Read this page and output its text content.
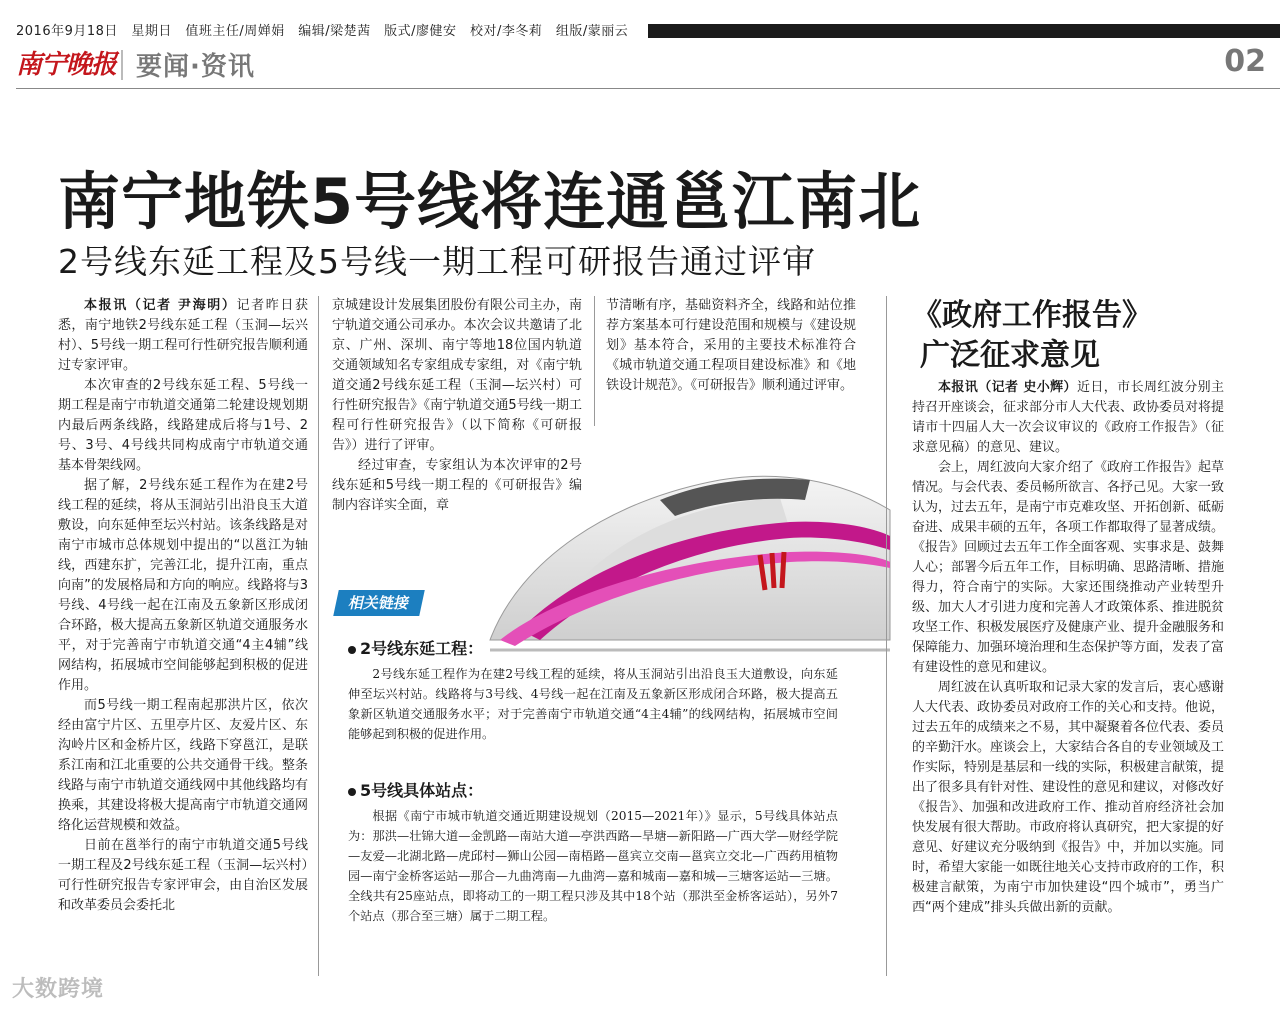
2016年9月18日　星期日　值班主任/周婵娟　编辑/梁楚茜　版式/廖健安　校对/李冬莉　组版/蒙丽云
南宁晚报 要闻·资讯	02
南宁地铁5号线将连通邕江南北
2号线东延工程及5号线一期工程可研报告通过评审

本报讯（记者 尹海明）记者昨日获悉，南宁地铁2号线东延工程（玉洞—坛兴村）、5号线一期工程可行性研究报告顺利通过专家评审。

本次审查的2号线东延工程、5号线一期工程是南宁市轨道交通第二轮建设规划期内最后两条线路，线路建成后将与1号、2号、3号、4号线共同构成南宁市轨道交通基本骨架线网。

据了解，2号线东延工程作为在建2号线工程的延续，将从玉洞站引出沿良玉大道敷设，向东延伸至坛兴村站。该条线路是对南宁市城市总体规划中提出的“以邕江为轴线，西建东扩，完善江北，提升江南，重点向南”的发展格局和方向的响应。线路将与3号线、4号线一起在江南及五象新区形成闭合环路，极大提高五象新区轨道交通服务水平，对于完善南宁市轨道交通“4主4辅”线网结构，拓展城市空间能够起到积极的促进作用。

而5号线一期工程南起那洪片区，依次经由富宁片区、五里亭片区、友爱片区、东沟岭片区和金桥片区，线路下穿邕江，是联系江南和江北重要的公共交通骨干线。整条线路与南宁市轨道交通线网中其他线路均有换乘，其建设将极大提高南宁市轨道交通网络化运营规模和效益。

日前在邕举行的南宁市轨道交通5号线一期工程及2号线东延工程（玉洞—坛兴村）可行性研究报告专家评审会，由自治区发展和改革委员会委托北

京城建设计发展集团股份有限公司主办，南宁轨道交通公司承办。本次会议共邀请了北京、广州、深圳、南宁等地18位国内轨道交通领域知名专家组成专家组，对《南宁轨道交通2号线东延工程（玉洞—坛兴村）可行性研究报告》《南宁轨道交通5号线一期工程可行性研究报告》（以下简称《可研报告》）进行了评审。

经过审查，专家组认为本次评审的2号线东延和5号线一期工程的《可研报告》编制内容详实全面，章

节清晰有序，基础资料齐全，线路和站位推荐方案基本可行建设范围和规模与《建设规划》基本符合，采用的主要技术标准符合《城市轨道交通工程项目建设标准》和《地铁设计规范》。《可研报告》顺利通过评审。

相关链接
2号线东延工程：

2号线东延工程作为在建2号线工程的延续，将从玉洞站引出沿良玉大道敷设，向东延伸至坛兴村站。线路将与3号线、4号线一起在江南及五象新区形成闭合环路，极大提高五象新区轨道交通服务水平；对于完善南宁市轨道交通“4主4辅”的线网结构，拓展城市空间能够起到积极的促进作用。

5号线具体站点：

根据《南宁市城市轨道交通近期建设规划（2015—2021年）》显示，5号线具体站点为：那洪—壮锦大道—金凯路—南站大道—亭洪西路—旱塘—新阳路—广西大学—财经学院—友爱—北湖北路—虎邱村—狮山公园—南梧路—邕宾立交南—邕宾立交北—广西药用植物园—南宁金桥客运站—那合—九曲湾南—九曲湾—嘉和城南—嘉和城—三塘客运站—三塘。全线共有25座站点，即将动工的一期工程只涉及其中18个站（那洪至金桥客运站），另外7个站点（那合至三塘）属于二期工程。

《政府工作报告》
广泛征求意见

本报讯（记者 史小辉）近日，市长周红波分别主持召开座谈会，征求部分市人大代表、政协委员对将提请市十四届人大一次会议审议的《政府工作报告》（征求意见稿）的意见、建议。

会上，周红波向大家介绍了《政府工作报告》起草情况。与会代表、委员畅所欲言、各抒己见。大家一致认为，过去五年，是南宁市克难攻坚、开拓创新、砥砺奋进、成果丰硕的五年，各项工作都取得了显著成绩。《报告》回顾过去五年工作全面客观、实事求是、鼓舞人心；部署今后五年工作，目标明确、思路清晰、措施得力，符合南宁的实际。大家还围绕推动产业转型升级、加大人才引进力度和完善人才政策体系、推进脱贫攻坚工作、积极发展医疗及健康产业、提升金融服务和保障能力、加强环境治理和生态保护等方面，发表了富有建设性的意见和建议。

周红波在认真听取和记录大家的发言后，衷心感谢人大代表、政协委员对政府工作的关心和支持。他说，过去五年的成绩来之不易，其中凝聚着各位代表、委员的辛勤汗水。座谈会上，大家结合各自的专业领域及工作实际，特别是基层和一线的实际，积极建言献策，提出了很多具有针对性、建设性的意见和建议，对修改好《报告》、加强和改进政府工作、推动首府经济社会加快发展有很大帮助。市政府将认真研究，把大家提的好意见、好建议充分吸纳到《报告》中，并加以实施。同时，希望大家能一如既往地关心支持市政府的工作，积极建言献策，为南宁市加快建设“四个城市”，勇当广西“两个建成”排头兵做出新的贡献。

大数跨境
